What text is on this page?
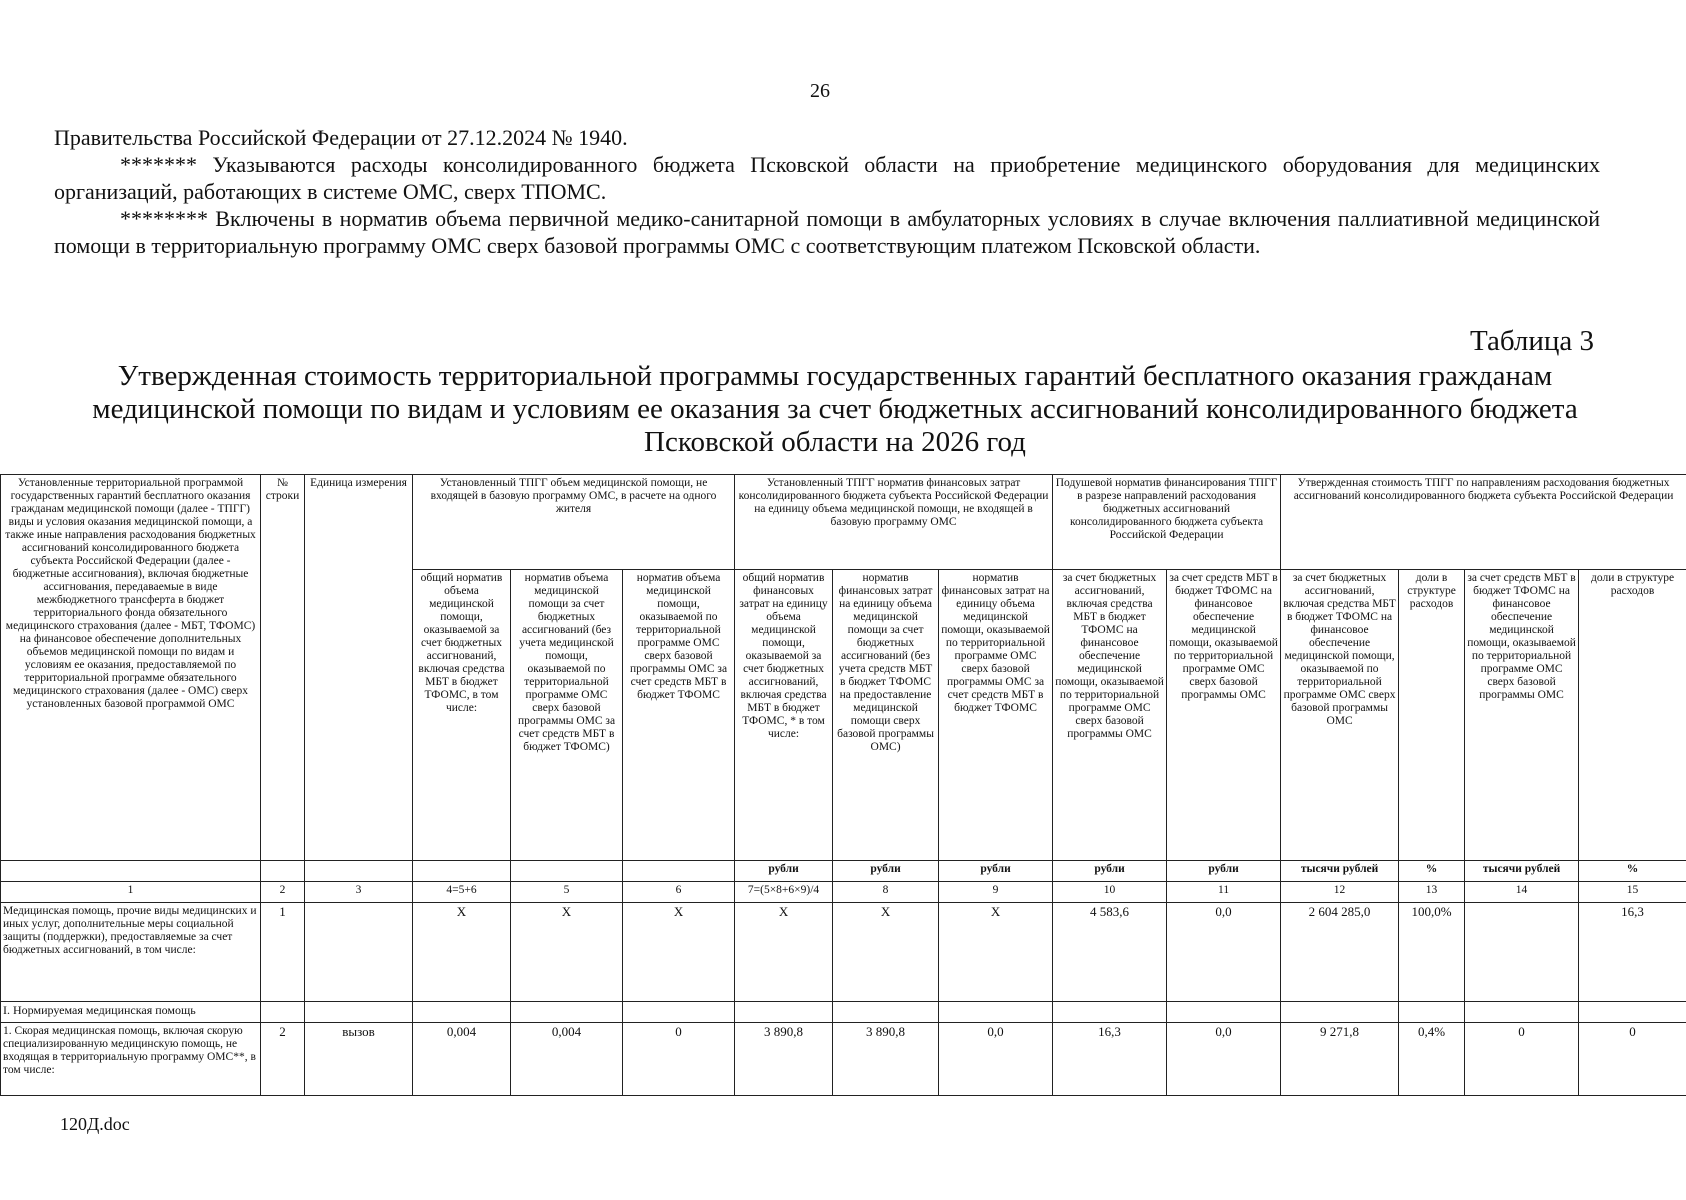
26

Правительства Российской Федерации от 27.12.2024 № 1940.

******* Указываются расходы консолидированного бюджета Псковской области на приобретение медицинского оборудования для медицинских организаций, работающих в системе ОМС, сверх ТПОМС.

******** Включены в норматив объема первичной медико-санитарной помощи в амбулаторных условиях в случае включения паллиативной медицинской помощи в территориальную программу ОМС сверх базовой программы ОМС с соответствующим платежом Псковской области.

Таблица 3
Утвержденная стоимость территориальной программы государственных гарантий бесплатного оказания гражданам медицинской помощи по видам и условиям ее оказания за счет бюджетных ассигнований консолидированного бюджета Псковской области на 2026 год
Установленные территориальной программой государственных гарантий бесплатного оказания гражданам медицинской помощи (далее - ТПГГ) виды и условия оказания медицинской помощи, а также иные направления расходования бюджетных ассигнований консолидированного бюджета субъекта Российской Федерации (далее - бюджетные ассигнования), включая бюджетные ассигнования, передаваемые в виде межбюджетного трансферта в бюджет территориального фонда обязательного медицинского страхования (далее - МБТ, ТФОМС) на финансовое обеспечение дополнительных объемов медицинской помощи по видам и условиям ее оказания, предоставляемой по территориальной программе обязательного медицинского страхования (далее - ОМС) сверх установленных базовой программой ОМС	№ строки	Единица измерения	Установленный ТПГГ объем медицинской помощи, не входящей в базовую программу ОМС, в расчете на одного жителя			Установленный ТПГГ норматив финансовых затрат консолидированного бюджета субъекта Российской Федерации на единицу объема медицинской помощи, не входящей в базовую программу ОМС			Подушевой норматив финансирования ТПГГ в разрезе направлений расходования бюджетных ассигнований консолидированного бюджета субъекта Российской Федерации		Утвержденная стоимость ТПГГ по направлениям расходования бюджетных ассигнований консолидированного бюджета субъекта Российской Федерации			
			общий норматив объема медицинской помощи, оказываемой за счет бюджетных ассигнований, включая средства МБТ в бюджет ТФОМС, в том числе:	норматив объема медицинской помощи за счет бюджетных ассигнований (без учета медицинской помощи, оказываемой по территориальной программе ОМС сверх базовой программы ОМС за счет средств МБТ в бюджет ТФОМС)	норматив объема медицинской помощи, оказываемой по территориальной программе ОМС сверх базовой программы ОМС за счет средств МБТ в бюджет ТФОМС	общий норматив финансовых затрат на единицу объема медицинской помощи, оказываемой за счет бюджетных ассигнований, включая средства МБТ в бюджет ТФОМС, * в том числе:	норматив финансовых затрат на единицу объема медицинской помощи за счет бюджетных ассигнований (без учета средств МБТ в бюджет ТФОМС на предоставление медицинской помощи сверх базовой программы ОМС)	норматив финансовых затрат на единицу объема медицинской помощи, оказываемой по территориальной программе ОМС сверх базовой программы ОМС за счет средств МБТ в бюджет ТФОМС	за счет бюджетных ассигнований, включая средства МБТ в бюджет ТФОМС на финансовое обеспечение медицинской помощи, оказываемой по территориальной программе ОМС сверх базовой программы ОМС	за счет средств МБТ в бюджет ТФОМС на финансовое обеспечение медицинской помощи, оказываемой по территориальной программе ОМС сверх базовой программы ОМС	за счет бюджетных ассигнований, включая средства МБТ в бюджет ТФОМС на финансовое обеспечение медицинской помощи, оказываемой по территориальной программе ОМС сверх базовой программы ОМС	доли в структуре расходов	за счет средств МБТ в бюджет ТФОМС на финансовое обеспечение медицинской помощи, оказываемой по территориальной программе ОМС сверх базовой программы ОМС	доли в структуре расходов
						рубли	рубли	рубли	рубли	рубли	тысячи рублей	%	тысячи рублей	%
1	2	3	4=5+6	5	6	7=(5×8+6×9)/4	8	9	10	11	12	13	14	15
Медицинская помощь, прочие виды медицинских и иных услуг, дополнительные меры социальной защиты (поддержки), предоставляемые за счет бюджетных ассигнований, в том числе:	1		Х	Х	Х	Х	Х	Х	4 583,6	0,0	2 604 285,0	100,0%		16,3
I. Нормируемая медицинская помощь														
1. Скорая медицинская помощь, включая скорую специализированную медицинскую помощь, не входящая в территориальную программу ОМС**, в том числе:	2	вызов	0,004	0,004	0	3 890,8	3 890,8	0,0	16,3	0,0	9 271,8	0,4%	0	0
120Д.doc
